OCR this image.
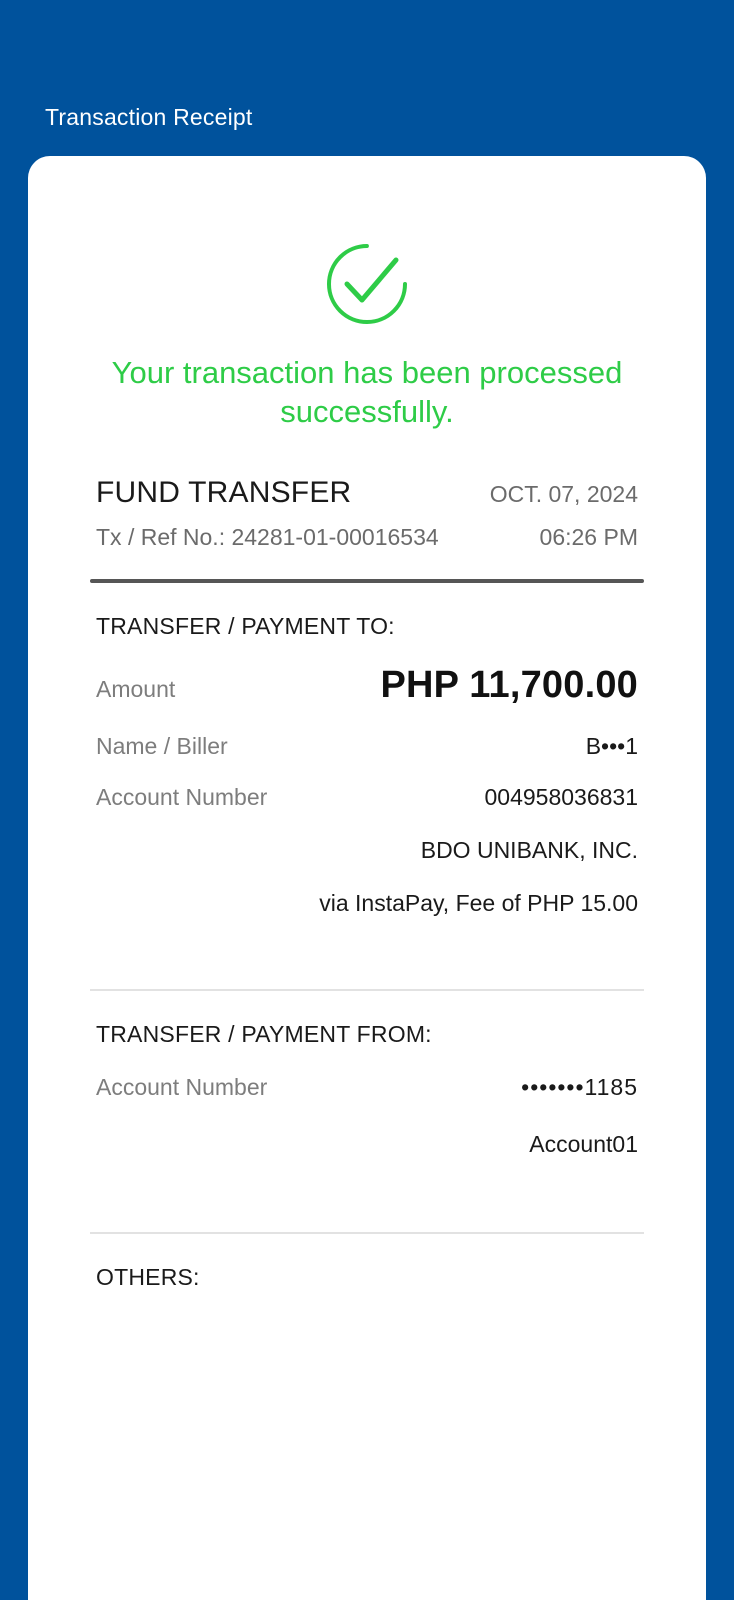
Transaction Receipt
Your transaction has been processed successfully.
FUND TRANSFER	OCT. 07, 2024
Tx / Ref No.: 24281-01-00016534	06:26 PM
TRANSFER / PAYMENT TO:
Amount	PHP 11,700.00
Name / Biller	B•••1
Account Number	004958036831
BDO UNIBANK, INC.
via InstaPay, Fee of PHP 15.00
TRANSFER / PAYMENT FROM:
Account Number	•••••••1185
Account01
OTHERS:
